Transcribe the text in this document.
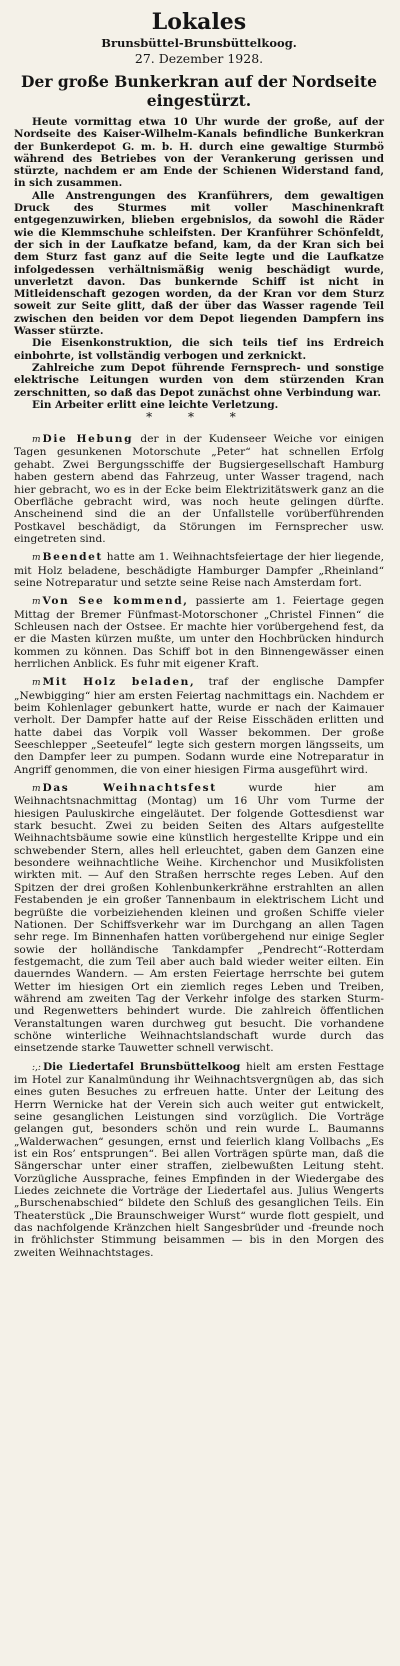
Lokales
Brunsbüttel-Brunsbüttelkoog.
27. Dezember 1928.
Der große Bunkerkran auf der Nordseite eingestürzt.

Heute vormittag etwa 10 Uhr wurde der große, auf der Nordseite des Kaiser-Wilhelm-Kanals befindliche Bunkerkran der Bunkerdepot G. m. b. H. durch eine gewaltige Sturmbö während des Betriebes von der Verankerung gerissen und stürzte, nachdem er am Ende der Schienen Widerstand fand, in sich zusammen.

Alle Anstrengungen des Kranführers, dem gewaltigen Druck des Sturmes mit voller Maschinenkraft entgegenzuwirken, blieben ergebnislos, da sowohl die Räder wie die Klemmschuhe schleifsten. Der Kranführer Schönfeldt, der sich in der Laufkatze befand, kam, da der Kran sich bei dem Sturz fast ganz auf die Seite legte und die Laufkatze infolgedessen verhältnismäßig wenig beschädigt wurde, unverletzt davon. Das bunkernde Schiff ist nicht in Mitleidenschaft gezogen worden, da der Kran vor dem Sturz soweit zur Seite glitt, daß der über das Wasser ragende Teil zwischen den beiden vor dem Depot liegenden Dampfern ins Wasser stürzte.

Die Eisenkonstruktion, die sich teils tief ins Erdreich einbohrte, ist vollständig verbogen und zerknickt.

Zahlreiche zum Depot führende Fernsprech- und sonstige elektrische Leitungen wurden von dem stürzenden Kran zerschnitten, so daß das Depot zunächst ohne Verbindung war.

Ein Arbeiter erlitt eine leichte Verletzung.

* * *

m Die Hebung der in der Kudenseer Weiche vor einigen Tagen gesunkenen Motorschute „Peter“ hat schnellen Erfolg gehabt. Zwei Bergungsschiffe der Bugsiergesellschaft Hamburg haben gestern abend das Fahrzeug, unter Wasser tragend, nach hier gebracht, wo es in der Ecke beim Elektrizitätswerk ganz an die Oberfläche gebracht wird, was noch heute gelingen dürfte. Anscheinend sind die an der Unfallstelle vorüberführenden Postkavel beschädigt, da Störungen im Fernsprecher usw. eingetreten sind.

m Beendet hatte am 1. Weihnachtsfeiertage der hier liegende, mit Holz beladene, beschädigte Hamburger Dampfer „Rheinland“ seine Notreparatur und setzte seine Reise nach Amsterdam fort.

m Von See kommend, passierte am 1. Feiertage gegen Mittag der Bremer Fünfmast-Motorschoner „Christel Finnen“ die Schleusen nach der Ostsee. Er machte hier vorübergehend fest, da er die Masten kürzen mußte, um unter den Hochbrücken hindurch kommen zu können. Das Schiff bot in den Binnengewässer einen herrlichen Anblick. Es fuhr mit eigener Kraft.

m Mit Holz beladen, traf der englische Dampfer „Newbigging“ hier am ersten Feiertag nachmittags ein. Nachdem er beim Kohlenlager gebunkert hatte, wurde er nach der Kaimauer verholt. Der Dampfer hatte auf der Reise Eisschäden erlitten und hatte dabei das Vorpik voll Wasser bekommen. Der große Seeschlepper „Seeteufel“ legte sich gestern morgen längsseits, um den Dampfer leer zu pumpen. Sodann wurde eine Notreparatur in Angriff genommen, die von einer hiesigen Firma ausgeführt wird.

m Das Weihnachtsfest wurde hier am Weihnachtsnachmittag (Montag) um 16 Uhr vom Turme der hiesigen Pauluskirche eingeläutet. Der folgende Gottesdienst war stark besucht. Zwei zu beiden Seiten des Altars aufgestellte Weihnachtsbäume sowie eine künstlich hergestellte Krippe und ein schwebender Stern, alles hell erleuchtet, gaben dem Ganzen eine besondere weihnachtliche Weihe. Kirchenchor und Musikfolisten wirkten mit. — Auf den Straßen herrschte reges Leben. Auf den Spitzen der drei großen Kohlenbunkerkrähne erstrahlten an allen Festabenden je ein großer Tannenbaum in elektrischem Licht und begrüßte die vorbeiziehenden kleinen und großen Schiffe vieler Nationen. Der Schiffsverkehr war im Durchgang an allen Tagen sehr rege. Im Binnenhafen hatten vorübergehend nur einige Segler sowie der holländische Tankdampfer „Pendrecht“-Rotterdam festgemacht, die zum Teil aber auch bald wieder weiter eilten. Ein dauerndes Wandern. — Am ersten Feiertage herrschte bei gutem Wetter im hiesigen Ort ein ziemlich reges Leben und Treiben, während am zweiten Tag der Verkehr infolge des starken Sturm- und Regenwetters behindert wurde. Die zahlreich öffentlichen Veranstaltungen waren durchweg gut besucht. Die vorhandene schöne winterliche Weihnachtslandschaft wurde durch das einsetzende starke Tauwetter schnell verwischt.

:,: Die Liedertafel Brunsbüttelkoog hielt am ersten Festtage im Hotel zur Kanalmündung ihr Weihnachtsvergnügen ab, das sich eines guten Besuches zu erfreuen hatte. Unter der Leitung des Herrn Wernicke hat der Verein sich auch weiter gut entwickelt, seine gesanglichen Leistungen sind vorzüglich. Die Vorträge gelangen gut, besonders schön und rein wurde L. Baumanns „Walderwachen“ gesungen, ernst und feierlich klang Vollbachs „Es ist ein Ros’ entsprungen“. Bei allen Vorträgen spürte man, daß die Sängerschar unter einer straffen, zielbewußten Leitung steht. Vorzügliche Aussprache, feines Empfinden in der Wiedergabe des Liedes zeichnete die Vorträge der Liedertafel aus. Julius Wengerts „Burschenabschied“ bildete den Schluß des gesanglichen Teils. Ein Theaterstück „Die Braunschweiger Wurst“ wurde flott gespielt, und das nachfolgende Kränzchen hielt Sangesbrüder und -freunde noch in fröhlichster Stimmung beisammen — bis in den Morgen des zweiten Weihnachtstages.
